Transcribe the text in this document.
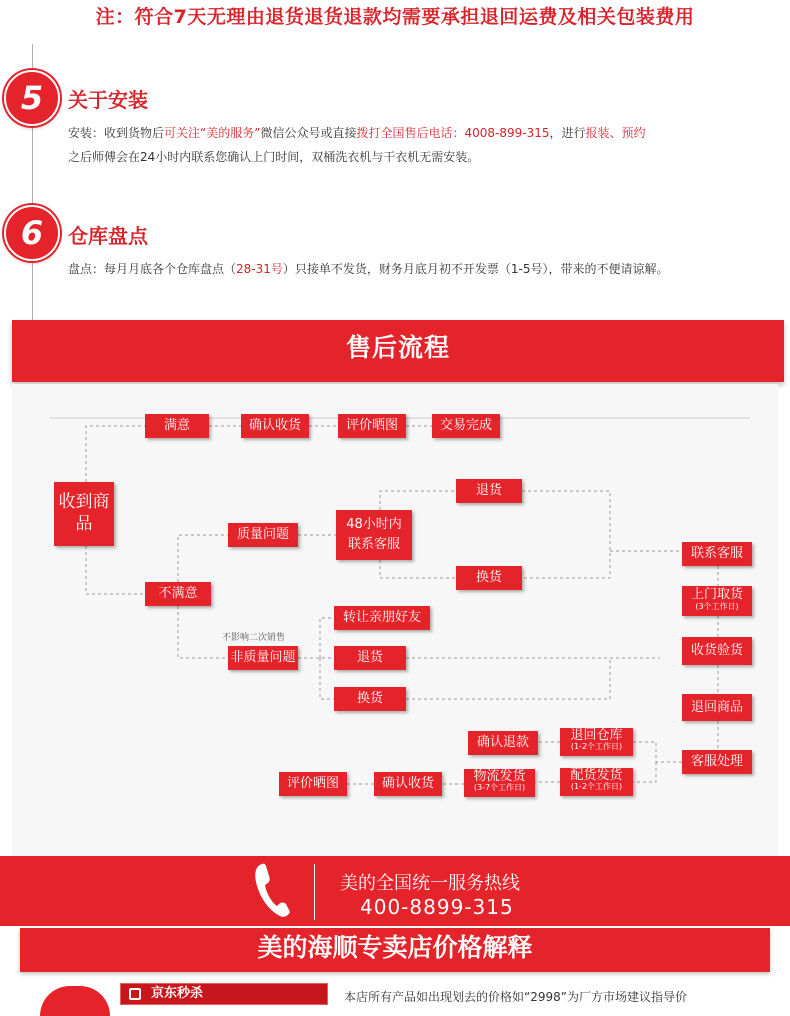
注：符合7天无理由退货退货退款均需要承担退回运费及相关包装费用
5	关于安装
安装：收到货物后可关注“美的服务”微信公众号或直接拨打全国售后电话：4008-899-315，进行报装、预约
之后师傅会在24小时内联系您确认上门时间，双桶洗衣机与干衣机无需安装。
6	仓库盘点
盘点：每月月底各个仓库盘点（28-31号）只接单不发货，财务月底月初不开发票（1-5号），带来的不便请谅解。
售后流程
满意	确认收货	评价晒图	交易完成
收到商品
质量问题
48小时内联系客服
退货
换货
不满意
不影响二次销售
非质量问题
转让亲朋好友
退货
换货
联系客服
上门取货
(3个工作日)
收货验货
退回商品
客服处理
确认退款	退回仓库
(1-2个工作日)
配货发货
(1-2个工作日)
物流发货
(3-7个工作日)
确认收货
评价晒图
美的全国统一服务热线
400-8899-315
美的海顺专卖店价格解释
京东秒杀	本店所有产品如出现划去的价格如“2998”为厂方市场建议指导价
